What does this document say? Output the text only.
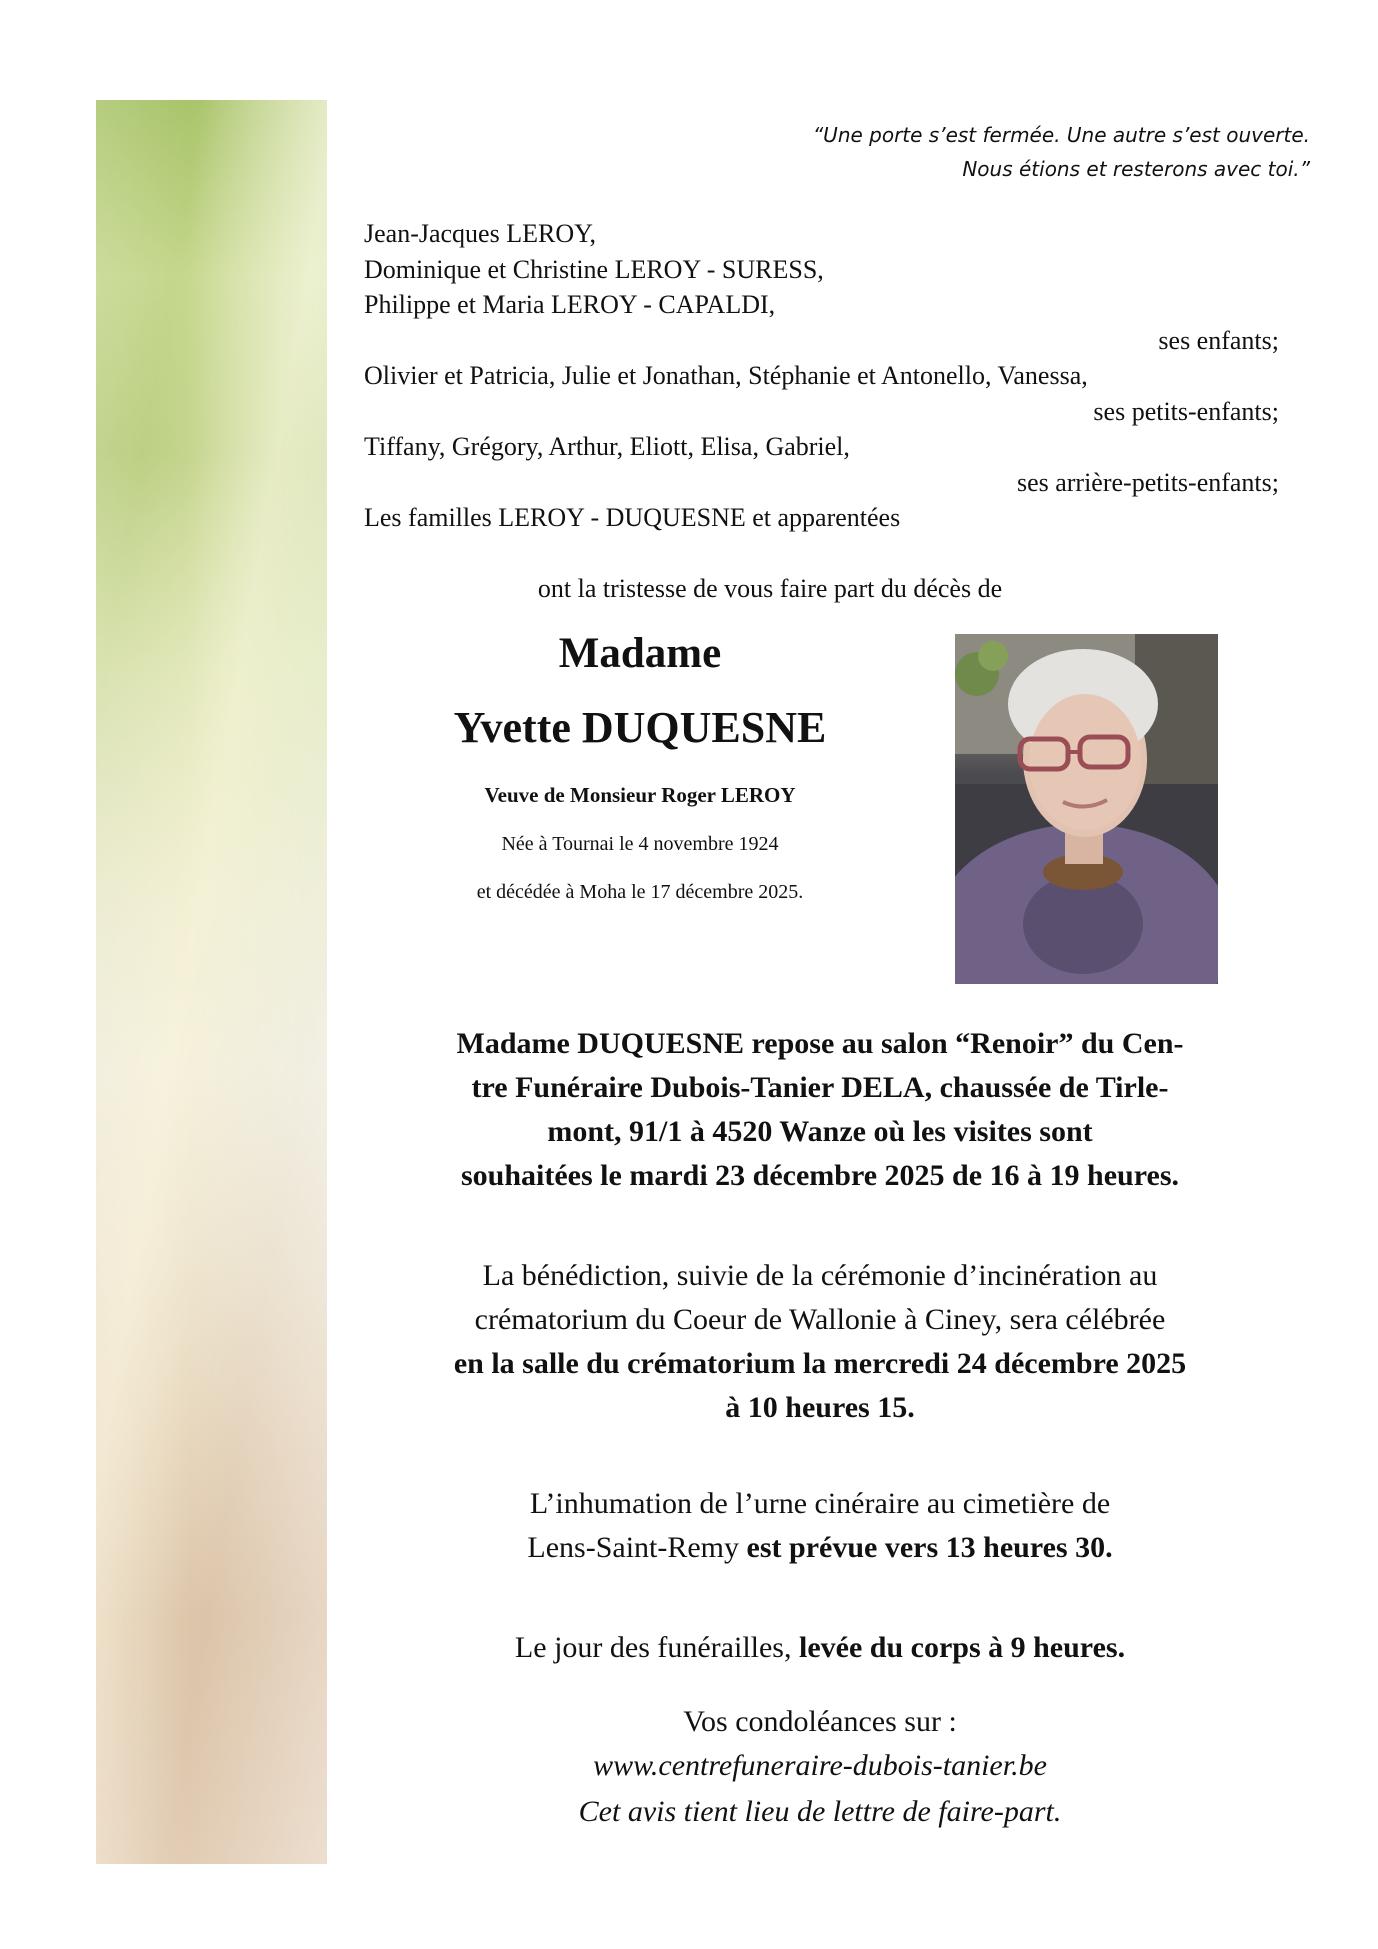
“Une porte s’est fermée. Une autre s’est ouverte.
Nous étions et resterons avec toi.”
Jean-Jacques LEROY,
Dominique et Christine LEROY - SURESS,
Philippe et Maria LEROY - CAPALDI,
ses enfants;
Olivier et Patricia, Julie et Jonathan, Stéphanie et Antonello, Vanessa,
ses petits-enfants;
Tiffany, Grégory, Arthur, Eliott, Elisa, Gabriel,
ses arrière-petits-enfants;
Les familles LEROY - DUQUESNE et apparentées
ont la tristesse de vous faire part du décès de
Madame
Yvette DUQUESNE
Veuve de Monsieur Roger LEROY
Née à Tournai le 4 novembre 1924
et décédée à Moha le 17 décembre 2025.
Madame DUQUESNE repose au salon “Renoir” du Cen-
tre Funéraire Dubois-Tanier DELA, chaussée de Tirle-
mont, 91/1 à 4520 Wanze où les visites sont
souhaitées le mardi 23 décembre 2025 de 16 à 19 heures.
La bénédiction, suivie de la cérémonie d’incinération au
crématorium du Coeur de Wallonie à Ciney, sera célébrée
en la salle du crématorium la mercredi 24 décembre 2025
à 10 heures 15.
L’inhumation de l’urne cinéraire au cimetière de
Lens-Saint-Remy est prévue vers 13 heures 30.
Le jour des funérailles, levée du corps à 9 heures.
Vos condoléances sur :
www.centrefuneraire-dubois-tanier.be
Cet avis tient lieu de lettre de faire-part.
